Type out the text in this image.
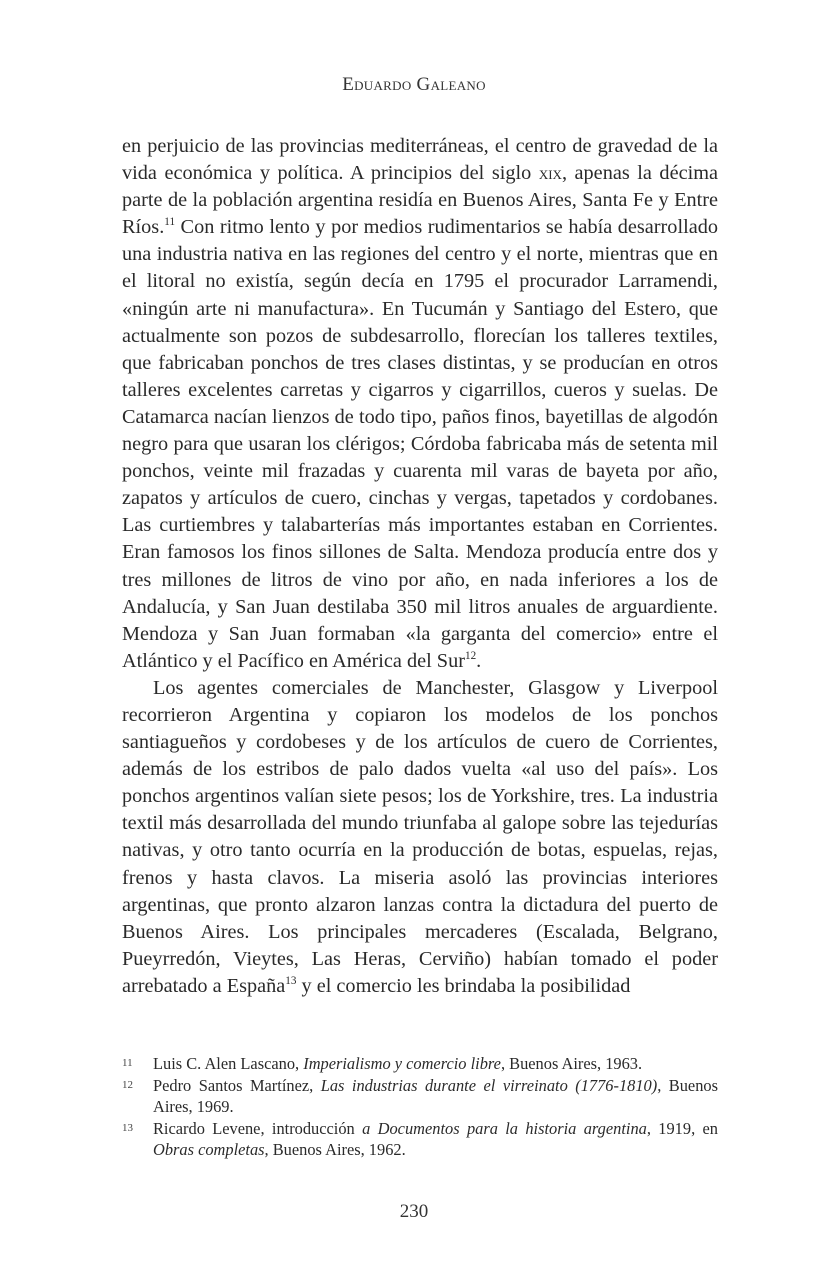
Eduardo Galeano

en perjuicio de las provincias mediterráneas, el centro de gravedad de la vida económica y política. A principios del siglo xix, apenas la décima parte de la población argentina residía en Buenos Aires, Santa Fe y Entre Ríos.$^{11}$ Con ritmo lento y por medios rudimentarios se había desarrollado una industria nativa en las regiones del centro y el norte, mientras que en el litoral no existía, según decía en 1795 el procurador Larramendi, «ningún arte ni manufactura». En Tucumán y Santiago del Estero, que actualmente son pozos de subdesarrollo, florecían los talleres textiles, que fabricaban ponchos de tres clases distintas, y se producían en otros talleres excelentes carretas y cigarros y cigarrillos, cueros y suelas. De Catamarca nacían lienzos de todo tipo, paños finos, bayetillas de algodón negro para que usaran los clérigos; Córdoba fabricaba más de setenta mil ponchos, veinte mil frazadas y cuarenta mil varas de bayeta por año, zapatos y artículos de cuero, cinchas y vergas, tapetados y cordobanes. Las curtiembres y talabarterías más importantes estaban en Corrientes. Eran famosos los finos sillones de Salta. Mendoza producía entre dos y tres millones de litros de vino por año, en nada inferiores a los de Andalucía, y San Juan destilaba 350 mil litros anuales de arguardiente. Mendoza y San Juan formaban «la garganta del comercio» entre el Atlántico y el Pacífico en América del Sur$^{12}$.

Los agentes comerciales de Manchester, Glasgow y Liverpool recorrieron Argentina y copiaron los modelos de los ponchos santiagueños y cordobeses y de los artículos de cuero de Corrientes, además de los estribos de palo dados vuelta «al uso del país». Los ponchos argentinos valían siete pesos; los de Yorkshire, tres. La industria textil más desarrollada del mundo triunfaba al galope sobre las tejedurías nativas, y otro tanto ocurría en la producción de botas, espuelas, rejas, frenos y hasta clavos. La miseria asoló las provincias interiores argentinas, que pronto alzaron lanzas contra la dictadura del puerto de Buenos Aires. Los principales mercaderes (Escalada, Belgrano, Pueyrredón, Vieytes, Las Heras, Cerviño) habían tomado el poder arrebatado a España$^{13}$ y el comercio les brindaba la posibilidad

11 Luis C. Alen Lascano, Imperialismo y comercio libre, Buenos Aires, 1963.
12 Pedro Santos Martínez, Las industrias durante el virreinato (1776-1810), Buenos Aires, 1969.
13 Ricardo Levene, introducción a Documentos para la historia argentina, 1919, en Obras completas, Buenos Aires, 1962.
230
